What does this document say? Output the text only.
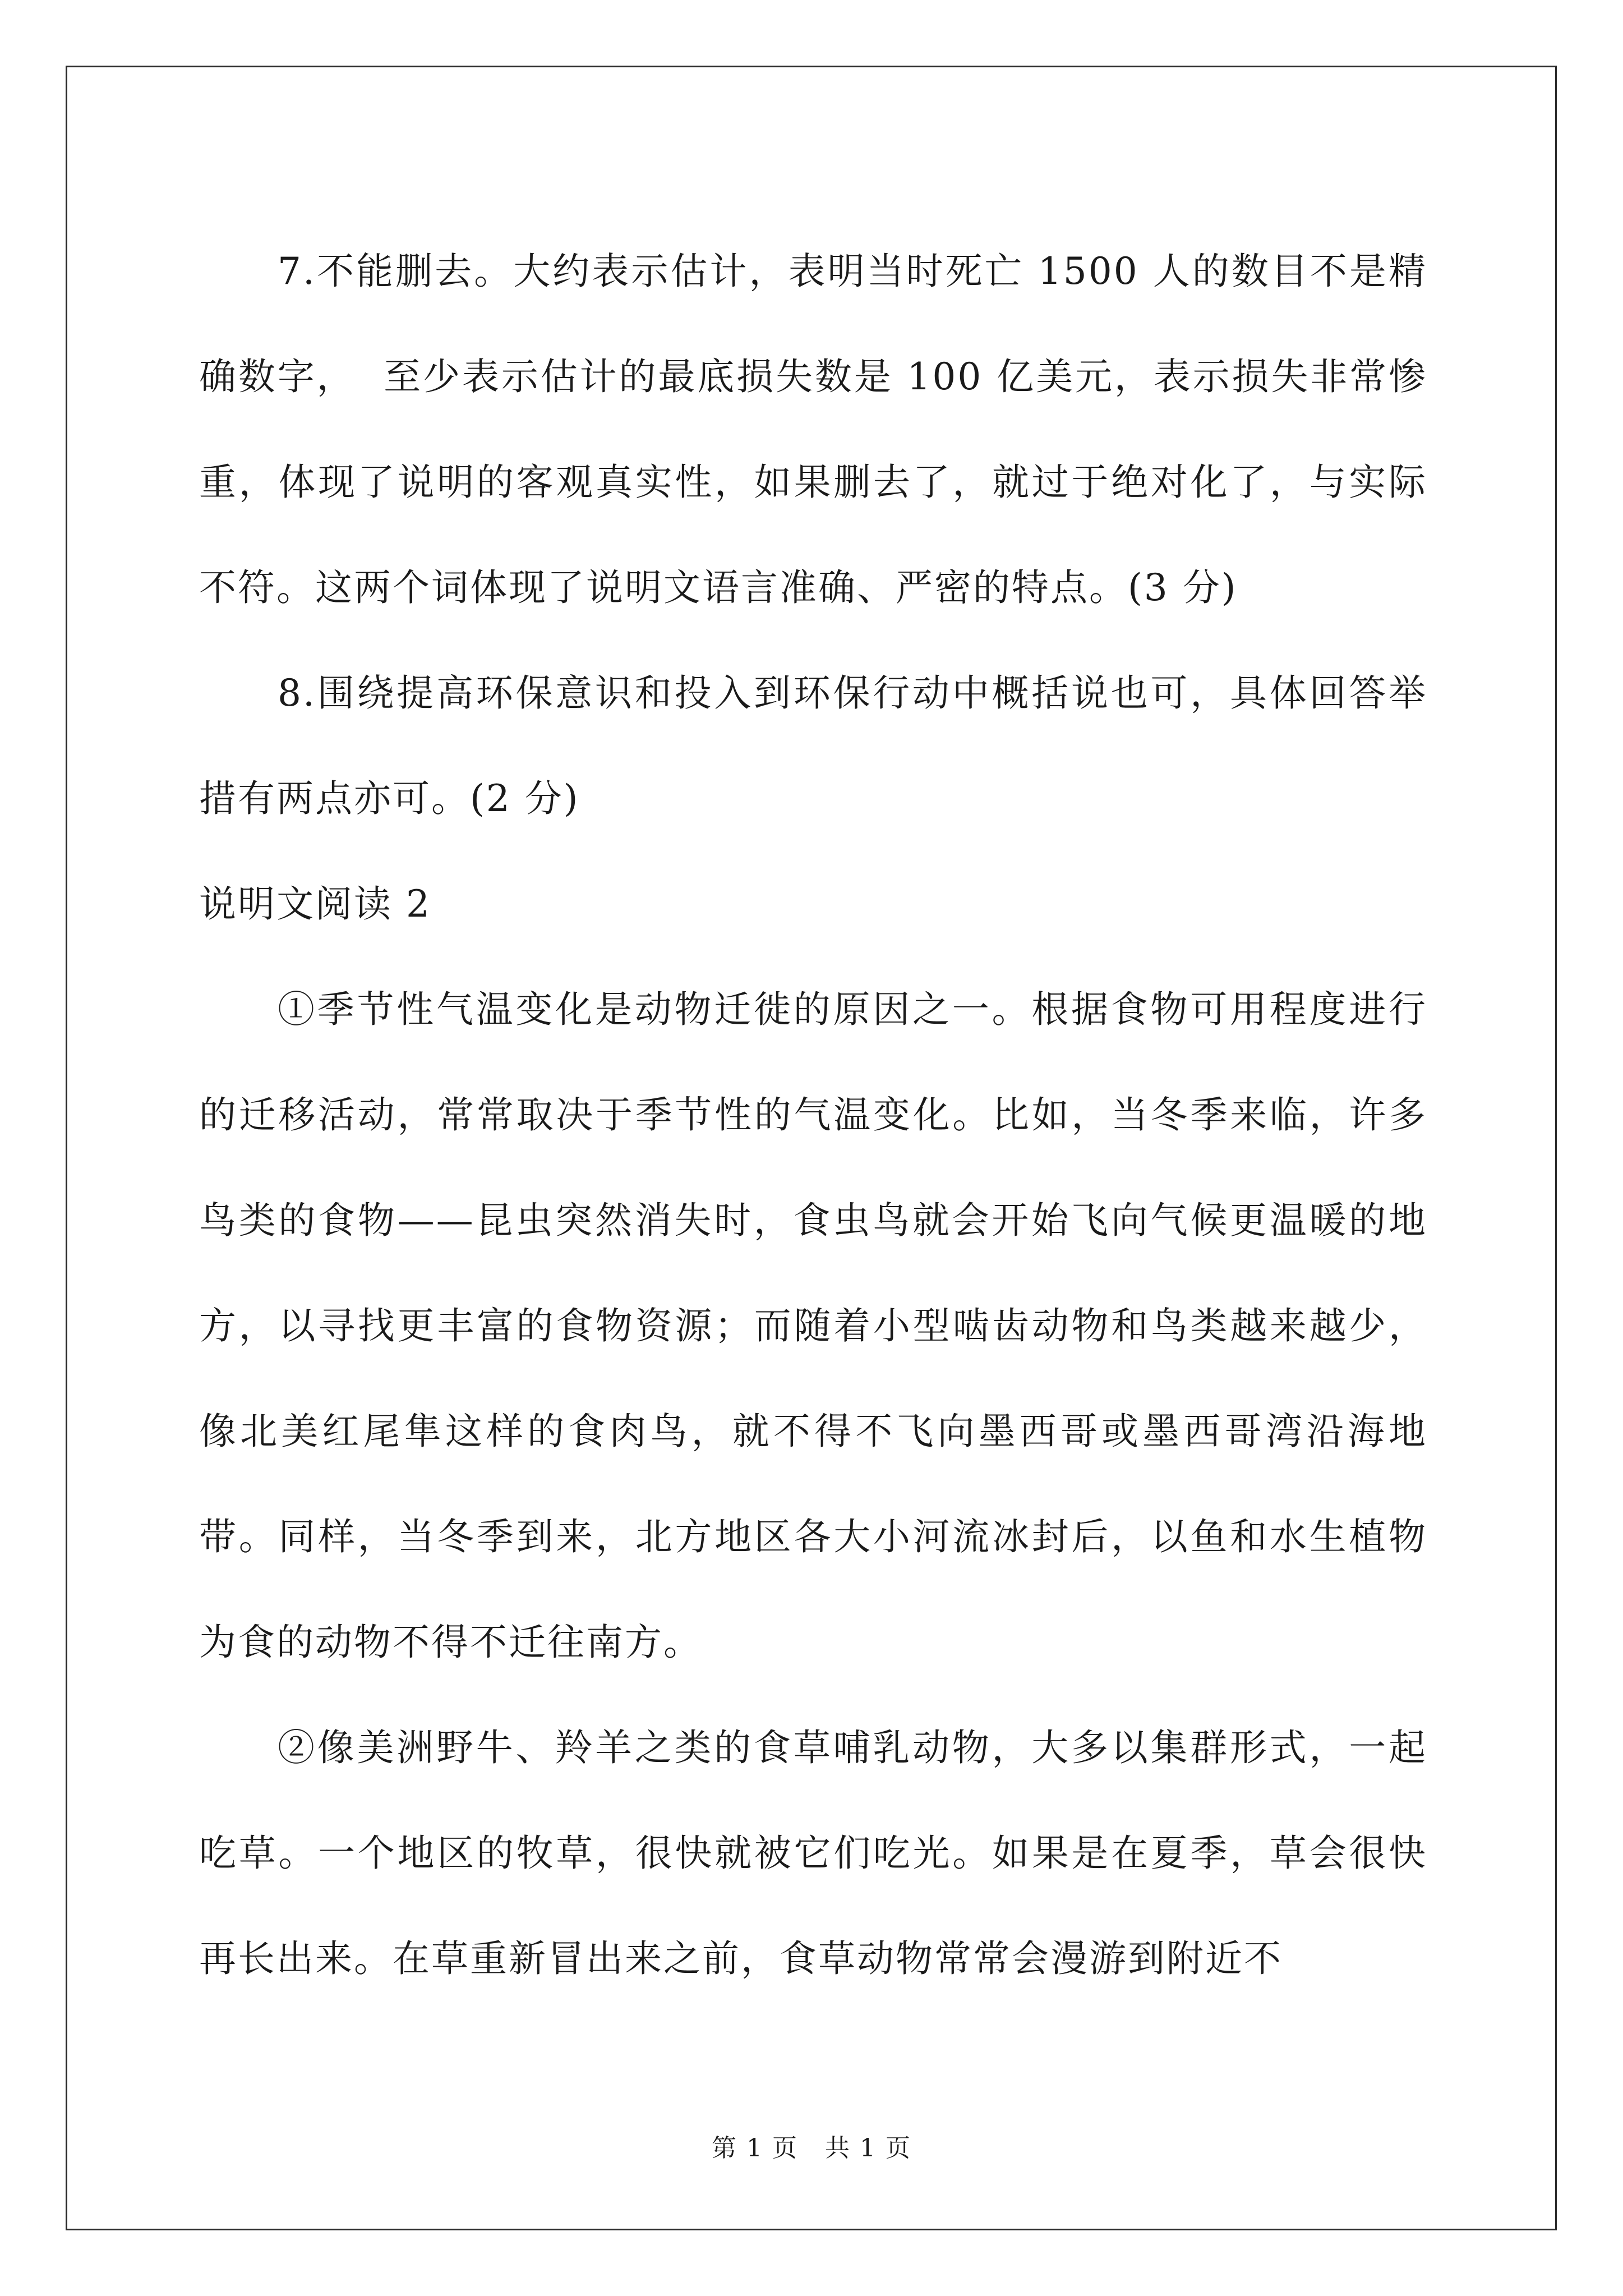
7.不能删去。大约表示估计，表明当时死亡 1500 人的数目不是精确数字，  至少表示估计的最底损失数是 100 亿美元，表示损失非常惨重，体现了说明的客观真实性，如果删去了，就过于绝对化了，与实际不符。这两个词体现了说明文语言准确、严密的特点。(3 分)

8.围绕提高环保意识和投入到环保行动中概括说也可，具体回答举措有两点亦可。(2 分)

说明文阅读 2

①季节性气温变化是动物迁徙的原因之一。根据食物可用程度进行的迁移活动，常常取决于季节性的气温变化。比如，当冬季来临，许多鸟类的食物——昆虫突然消失时，食虫鸟就会开始飞向气候更温暖的地方，以寻找更丰富的食物资源；而随着小型啮齿动物和鸟类越来越少，像北美红尾隼这样的食肉鸟，就不得不飞向墨西哥或墨西哥湾沿海地带。同样，当冬季到来，北方地区各大小河流冰封后，以鱼和水生植物为食的动物不得不迁往南方。

②像美洲野牛、羚羊之类的食草哺乳动物，大多以集群形式，一起吃草。一个地区的牧草，很快就被它们吃光。如果是在夏季，草会很快再长出来。在草重新冒出来之前，食草动物常常会漫游到附近不

第 1 页   共 1 页
